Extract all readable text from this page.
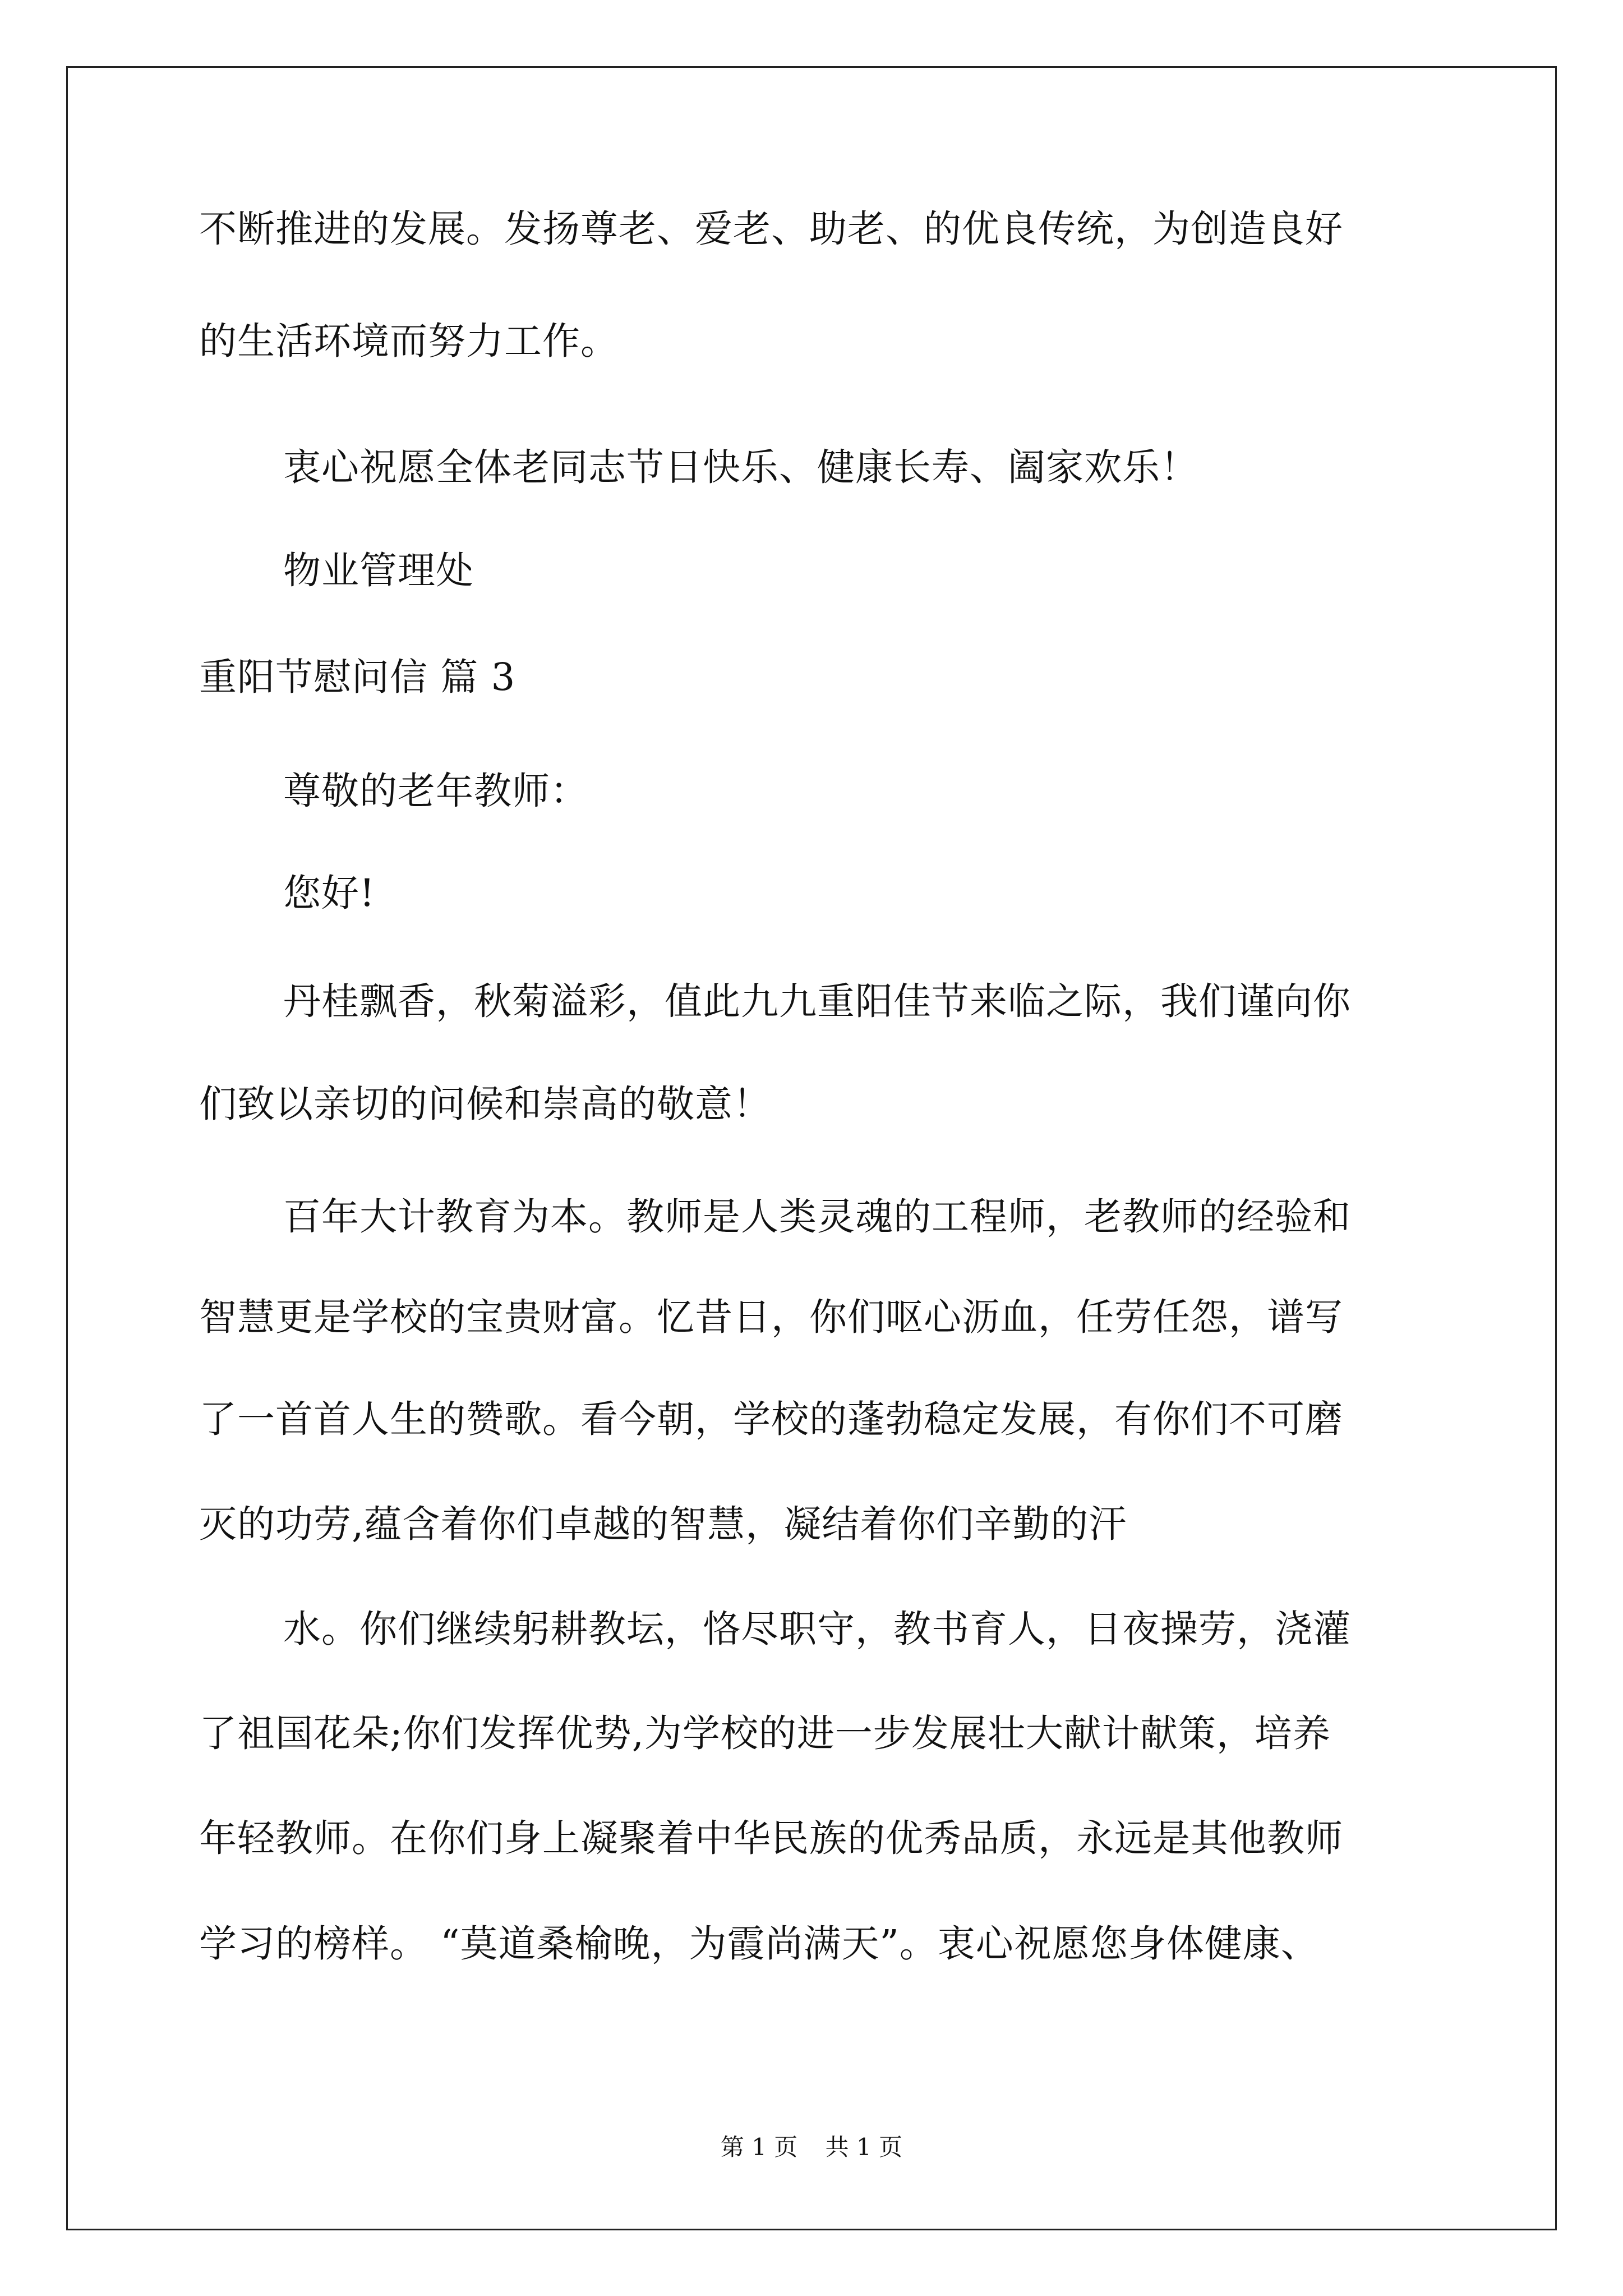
不断推进的发展。发扬尊老、爱老、助老、的优良传统，为创造良好
的生活环境而努力工作。
衷心祝愿全体老同志节日快乐、健康长寿、阖家欢乐！
物业管理处
重阳节慰问信 篇 3
尊敬的老年教师：
您好!
丹桂飘香，秋菊溢彩，值此九九重阳佳节来临之际，我们谨向你
们致以亲切的问候和崇高的敬意！
百年大计教育为本。教师是人类灵魂的工程师，老教师的经验和
智慧更是学校的宝贵财富。忆昔日，你们呕心沥血，任劳任怨，谱写
了一首首人生的赞歌。看今朝，学校的蓬勃稳定发展，有你们不可磨
灭的功劳,蕴含着你们卓越的智慧，凝结着你们辛勤的汗
水。你们继续躬耕教坛，恪尽职守，教书育人，日夜操劳，浇灌
了祖国花朵;你们发挥优势,为学校的进一步发展壮大献计献策，培养
年轻教师。在你们身上凝聚着中华民族的优秀品质，永远是其他教师
学习的榜样。 “莫道桑榆晚，为霞尚满天”。衷心祝愿您身体健康、
第 1 页 共 1 页
